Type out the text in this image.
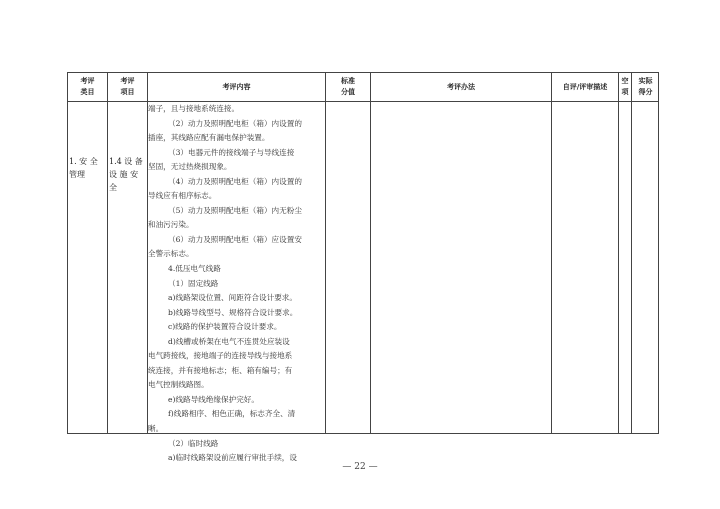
考评
类目
考评
项目
考评内容
标准
分值
考评办法	自评/评审描述
空
项
实际
得分
1. 安 全
管理
1.4 设 备
设 施 安
全
端子，且与接地系统连接。
（2）动力及照明配电柜（箱）内设置的
插座，其线路应配有漏电保护装置。
（3）电器元件的接线端子与导线连接
坚固，无过热烧损现象。
（4）动力及照明配电柜（箱）内设置的
导线应有相序标志。
（5）动力及照明配电柜（箱）内无粉尘
和油污污染。
（6）动力及照明配电柜（箱）应设置安
全警示标志。
4.低压电气线路
（1）固定线路
a)线路架设位置、间距符合设计要求。
b)线路导线型号、规格符合设计要求。
c)线路的保护装置符合设计要求。
d)线槽或桥架在电气不连贯处应装设
电气跨接线，接地端子的连接导线与接地系
统连接，并有接地标志；柜、箱有编号；有
电气控制线路图。
e)线路导线绝缘保护完好。
f)线路相序、相色正确，标志齐全、清
晰。
（2）临时线路
a)临时线路架设前应履行审批手续，设
— 22 —
